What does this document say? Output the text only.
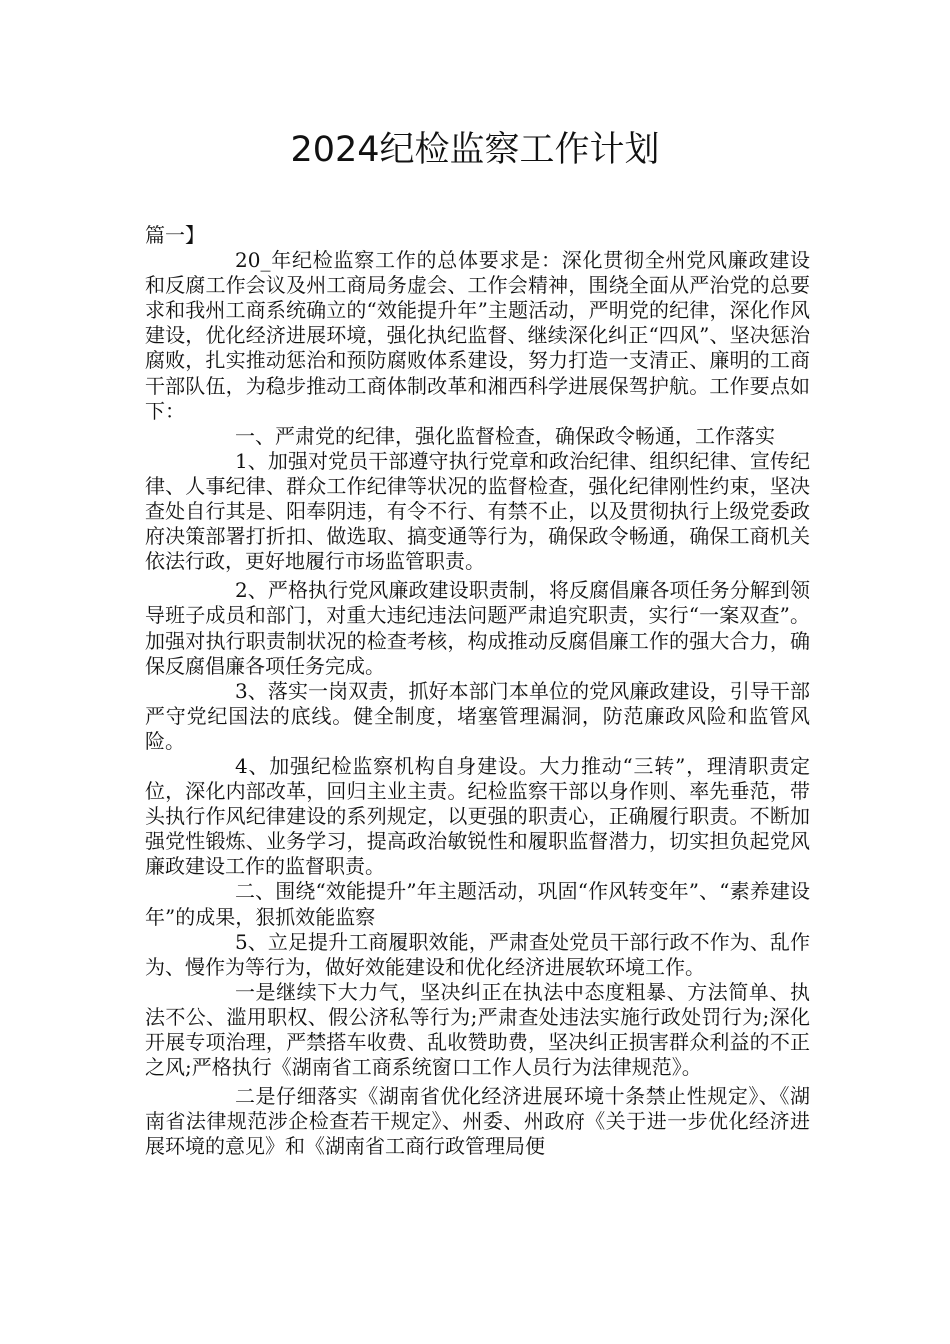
2024纪检监察工作计划

篇一】

20_年纪检监察工作的总体要求是：深化贯彻全州党风廉政建设和反腐工作会议及州工商局务虚会、工作会精神，围绕全面从严治党的总要求和我州工商系统确立的“效能提升年”主题活动，严明党的纪律，深化作风建设，优化经济进展环境，强化执纪监督、继续深化纠正“四风”、坚决惩治腐败，扎实推动惩治和预防腐败体系建设，努力打造一支清正、廉明的工商干部队伍，为稳步推动工商体制改革和湘西科学进展保驾护航。工作要点如下：

一、严肃党的纪律，强化监督检查，确保政令畅通，工作落实

1、加强对党员干部遵守执行党章和政治纪律、组织纪律、宣传纪律、人事纪律、群众工作纪律等状况的监督检查，强化纪律刚性约束，坚决查处自行其是、阳奉阴违，有令不行、有禁不止，以及贯彻执行上级党委政府决策部署打折扣、做选取、搞变通等行为，确保政令畅通，确保工商机关依法行政，更好地履行市场监管职责。

2、严格执行党风廉政建设职责制，将反腐倡廉各项任务分解到领导班子成员和部门，对重大违纪违法问题严肃追究职责，实行“一案双查”。加强对执行职责制状况的检查考核，构成推动反腐倡廉工作的强大合力，确保反腐倡廉各项任务完成。

3、落实一岗双责，抓好本部门本单位的党风廉政建设，引导干部严守党纪国法的底线。健全制度，堵塞管理漏洞，防范廉政风险和监管风险。

4、加强纪检监察机构自身建设。大力推动“三转”，理清职责定位，深化内部改革，回归主业主责。纪检监察干部以身作则、率先垂范，带头执行作风纪律建设的系列规定，以更强的职责心，正确履行职责。不断加强党性锻炼、业务学习，提高政治敏锐性和履职监督潜力，切实担负起党风廉政建设工作的监督职责。

二、围绕“效能提升”年主题活动，巩固“作风转变年”、“素养建设年”的成果，狠抓效能监察

5、立足提升工商履职效能，严肃查处党员干部行政不作为、乱作为、慢作为等行为，做好效能建设和优化经济进展软环境工作。

一是继续下大力气，坚决纠正在执法中态度粗暴、方法简单、执法不公、滥用职权、假公济私等行为;严肃查处违法实施行政处罚行为;深化开展专项治理，严禁搭车收费、乱收赞助费，坚决纠正损害群众利益的不正之风;严格执行《湖南省工商系统窗口工作人员行为法律规范》。

二是仔细落实《湖南省优化经济进展环境十条禁止性规定》、《湖南省法律规范涉企检查若干规定》、州委、州政府《关于进一步优化经济进展环境的意见》和《湖南省工商行政管理局便
